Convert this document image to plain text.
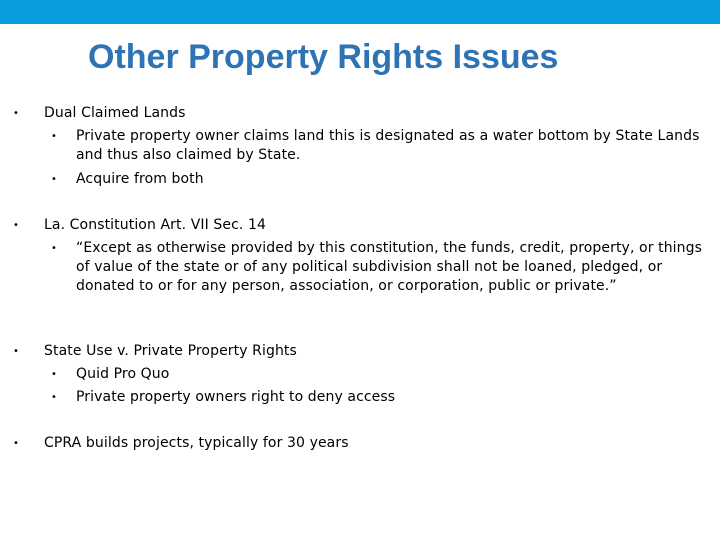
Other Property Rights Issues
• Dual Claimed Lands
• Private property owner claims land this is designated as a water bottom by State Lands and thus also claimed by State.
• Acquire from both
• La. Constitution Art. VII Sec. 14
• “Except as otherwise provided by this constitution, the funds, credit, property, or things of value of the state or of any political subdivision shall not be loaned, pledged, or donated to or for any person, association, or corporation, public or private.”
• State Use v. Private Property Rights
• Quid Pro Quo
• Private property owners right to deny access
• CPRA builds projects, typically for 30 years
